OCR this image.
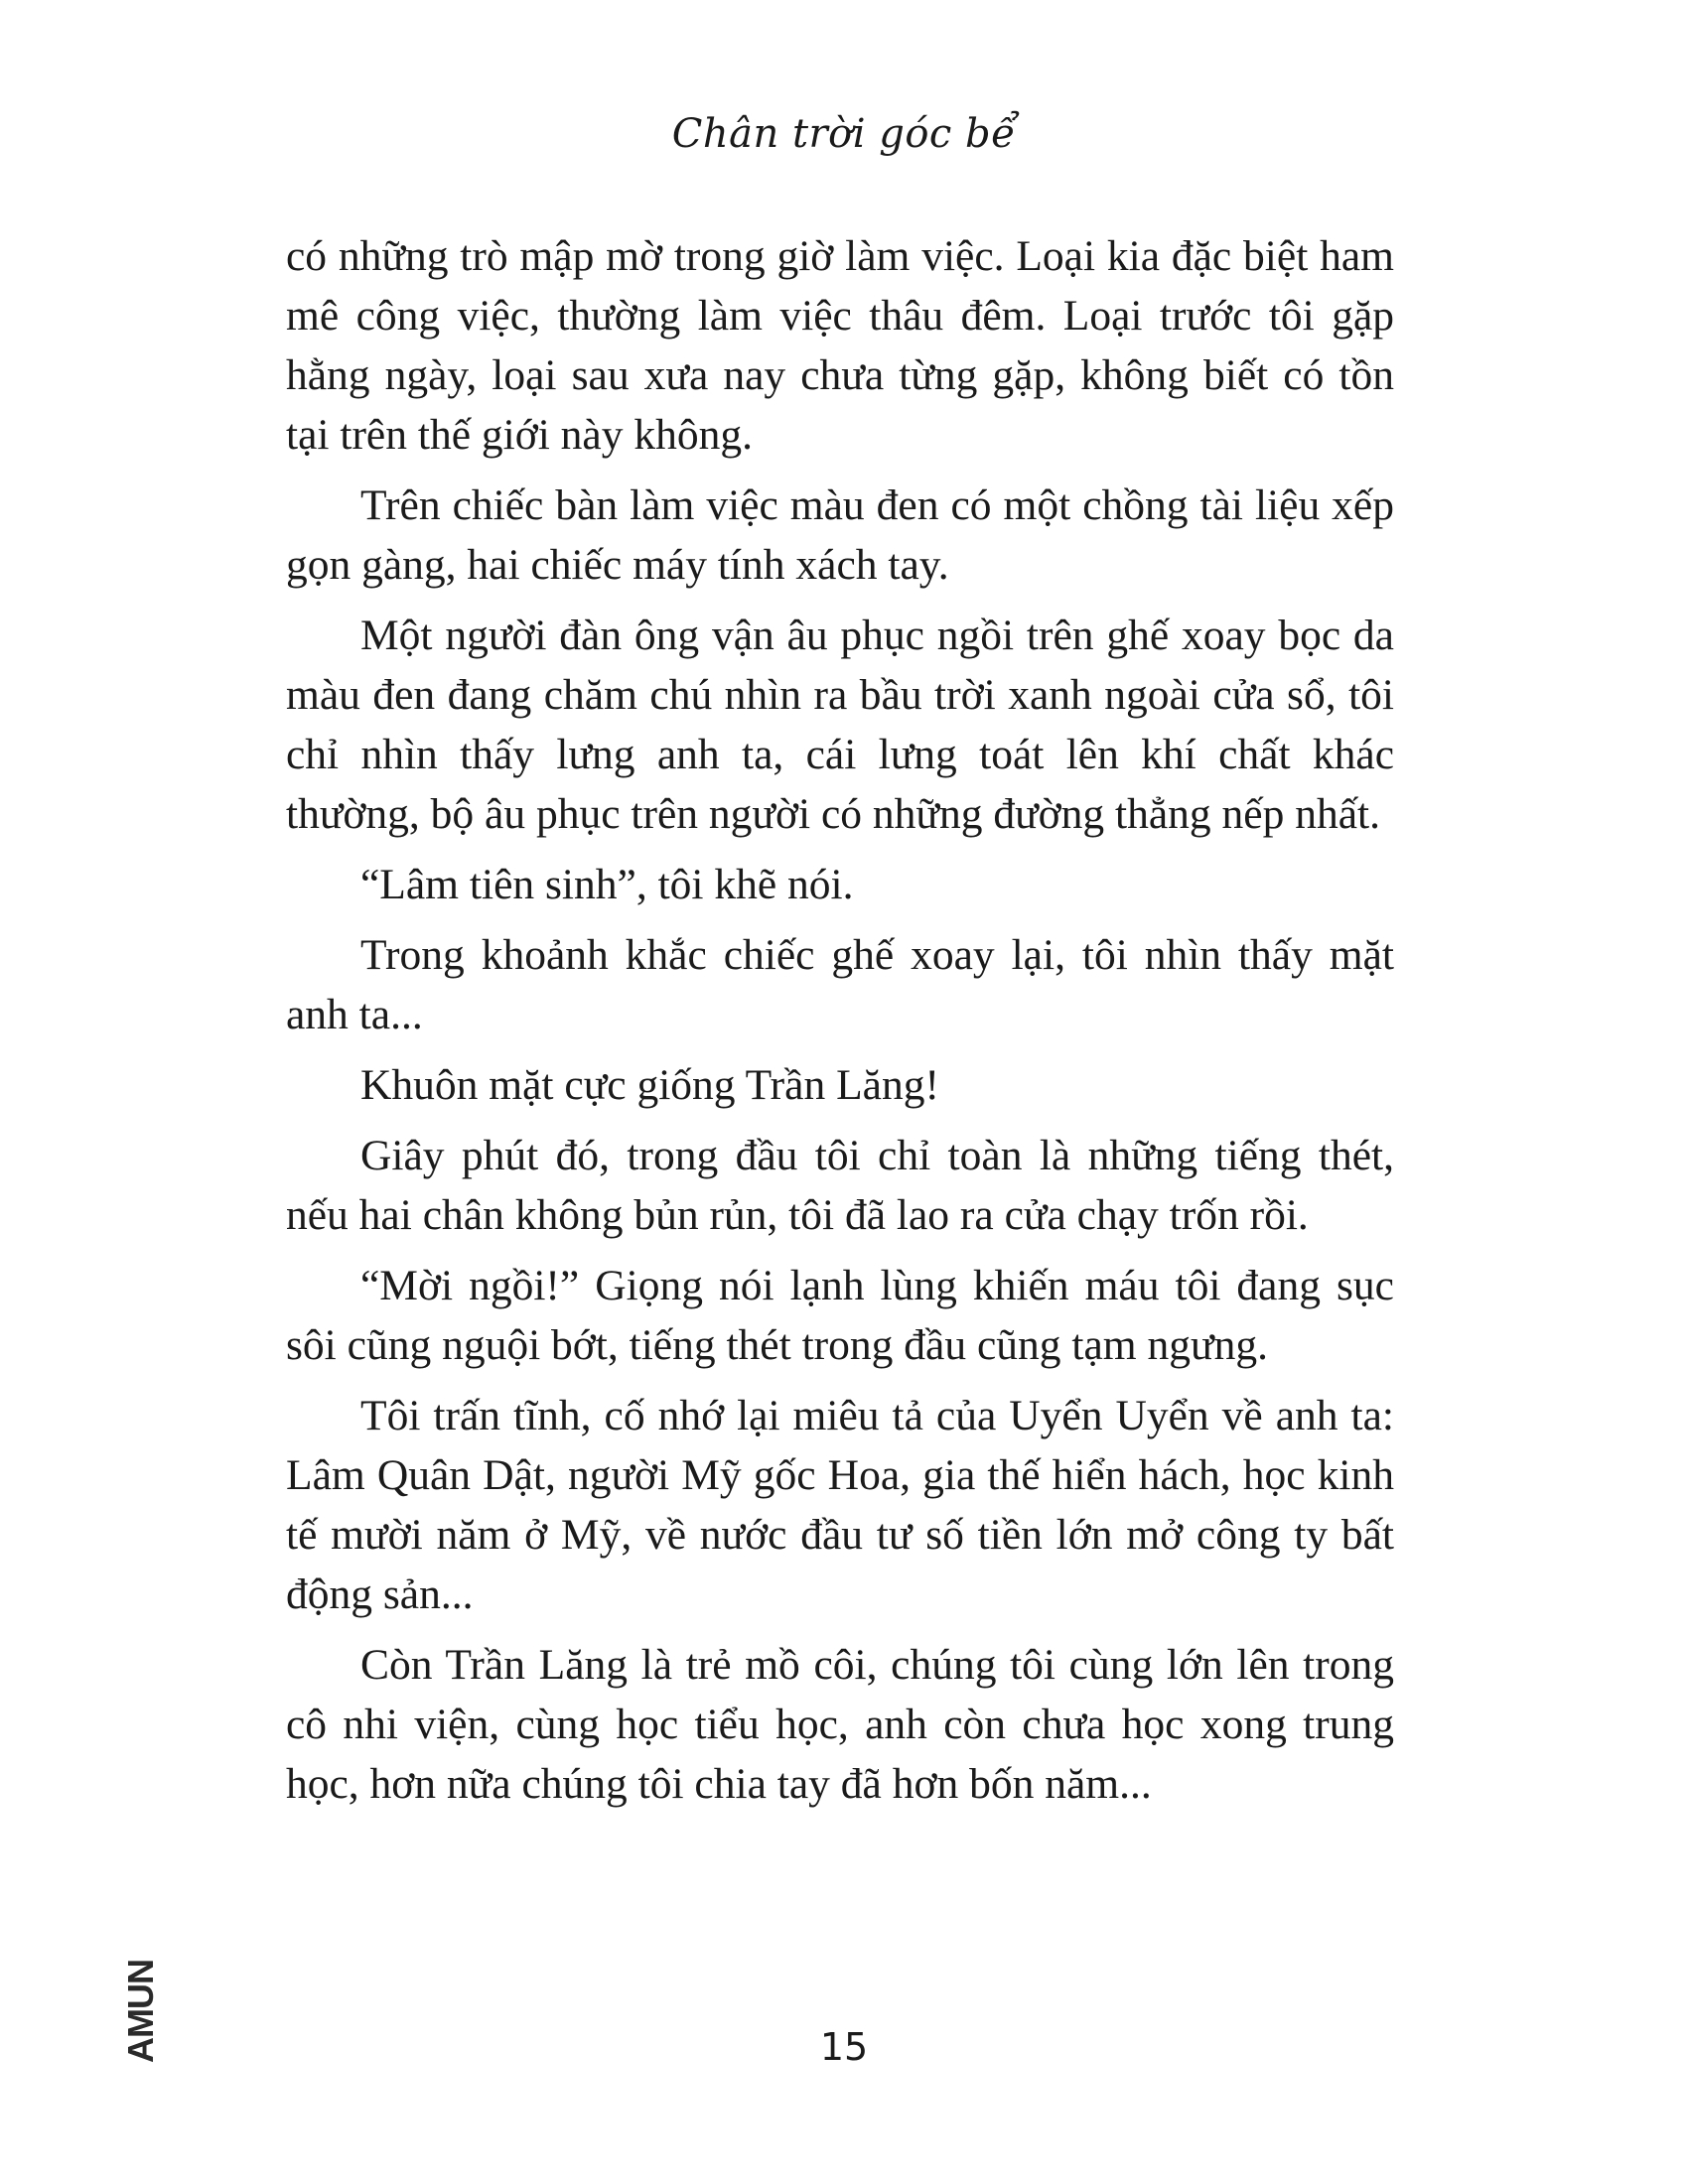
Chân trời góc bể

có những trò mập mờ trong giờ làm việc. Loại kia đặc biệt ham mê công việc, thường làm việc thâu đêm. Loại trước tôi gặp hằng ngày, loại sau xưa nay chưa từng gặp, không biết có tồn tại trên thế giới này không.

Trên chiếc bàn làm việc màu đen có một chồng tài liệu xếp gọn gàng, hai chiếc máy tính xách tay.

Một người đàn ông vận âu phục ngồi trên ghế xoay bọc da màu đen đang chăm chú nhìn ra bầu trời xanh ngoài cửa sổ, tôi chỉ nhìn thấy lưng anh ta, cái lưng toát lên khí chất khác thường, bộ âu phục trên người có những đường thẳng nếp nhất.

“Lâm tiên sinh”, tôi khẽ nói.

Trong khoảnh khắc chiếc ghế xoay lại, tôi nhìn thấy mặt anh ta...

Khuôn mặt cực giống Trần Lăng!

Giây phút đó, trong đầu tôi chỉ toàn là những tiếng thét, nếu hai chân không bủn rủn, tôi đã lao ra cửa chạy trốn rồi.

“Mời ngồi!” Giọng nói lạnh lùng khiến máu tôi đang sục sôi cũng nguội bớt, tiếng thét trong đầu cũng tạm ngưng.

Tôi trấn tĩnh, cố nhớ lại miêu tả của Uyển Uyển về anh ta: Lâm Quân Dật, người Mỹ gốc Hoa, gia thế hiển hách, học kinh tế mười năm ở Mỹ, về nước đầu tư số tiền lớn mở công ty bất động sản...

Còn Trần Lăng là trẻ mồ côi, chúng tôi cùng lớn lên trong cô nhi viện, cùng học tiểu học, anh còn chưa học xong trung học, hơn nữa chúng tôi chia tay đã hơn bốn năm...

AMUN	15
